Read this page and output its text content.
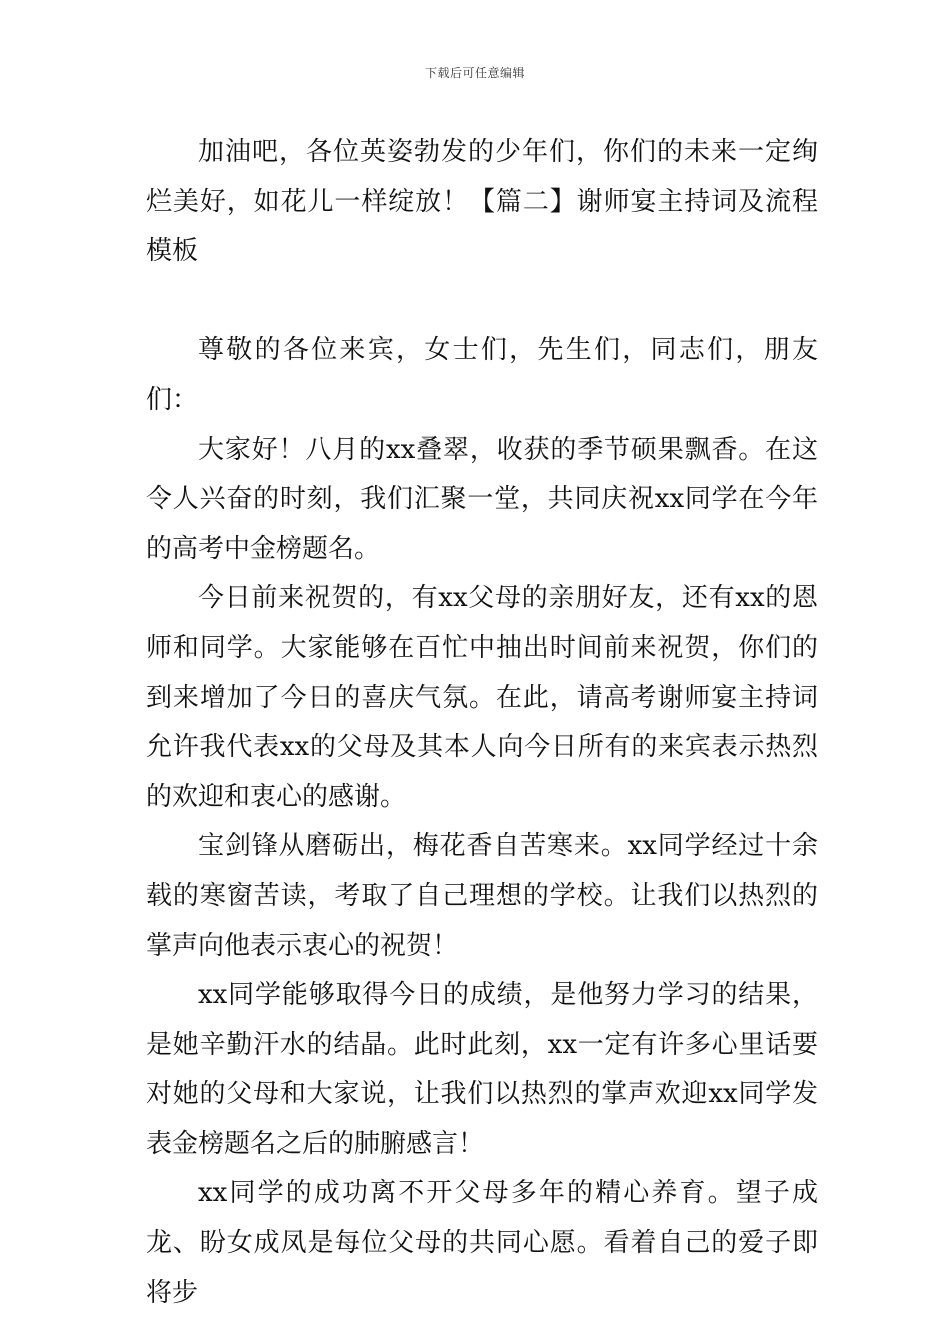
下载后可任意编辑

加油吧，各位英姿勃发的少年们，你们的未来一定绚烂美好，如花儿一样绽放！【篇二】谢师宴主持词及流程模板

尊敬的各位来宾，女士们，先生们，同志们，朋友们：

大家好！八月的xx叠翠，收获的季节硕果飘香。在这令人兴奋的时刻，我们汇聚一堂，共同庆祝xx同学在今年的高考中金榜题名。

今日前来祝贺的，有xx父母的亲朋好友，还有xx的恩师和同学。大家能够在百忙中抽出时间前来祝贺，你们的到来增加了今日的喜庆气氛。在此，请高考谢师宴主持词允许我代表xx的父母及其本人向今日所有的来宾表示热烈的欢迎和衷心的感谢。

宝剑锋从磨砺出，梅花香自苦寒来。xx同学经过十余载的寒窗苦读，考取了自己理想的学校。让我们以热烈的掌声向他表示衷心的祝贺！

xx同学能够取得今日的成绩，是他努力学习的结果，是她辛勤汗水的结晶。此时此刻，xx一定有许多心里话要对她的父母和大家说，让我们以热烈的掌声欢迎xx同学发表金榜题名之后的肺腑感言！

xx同学的成功离不开父母多年的精心养育。望子成龙、盼女成凤是每位父母的共同心愿。看着自己的爱子即将步
